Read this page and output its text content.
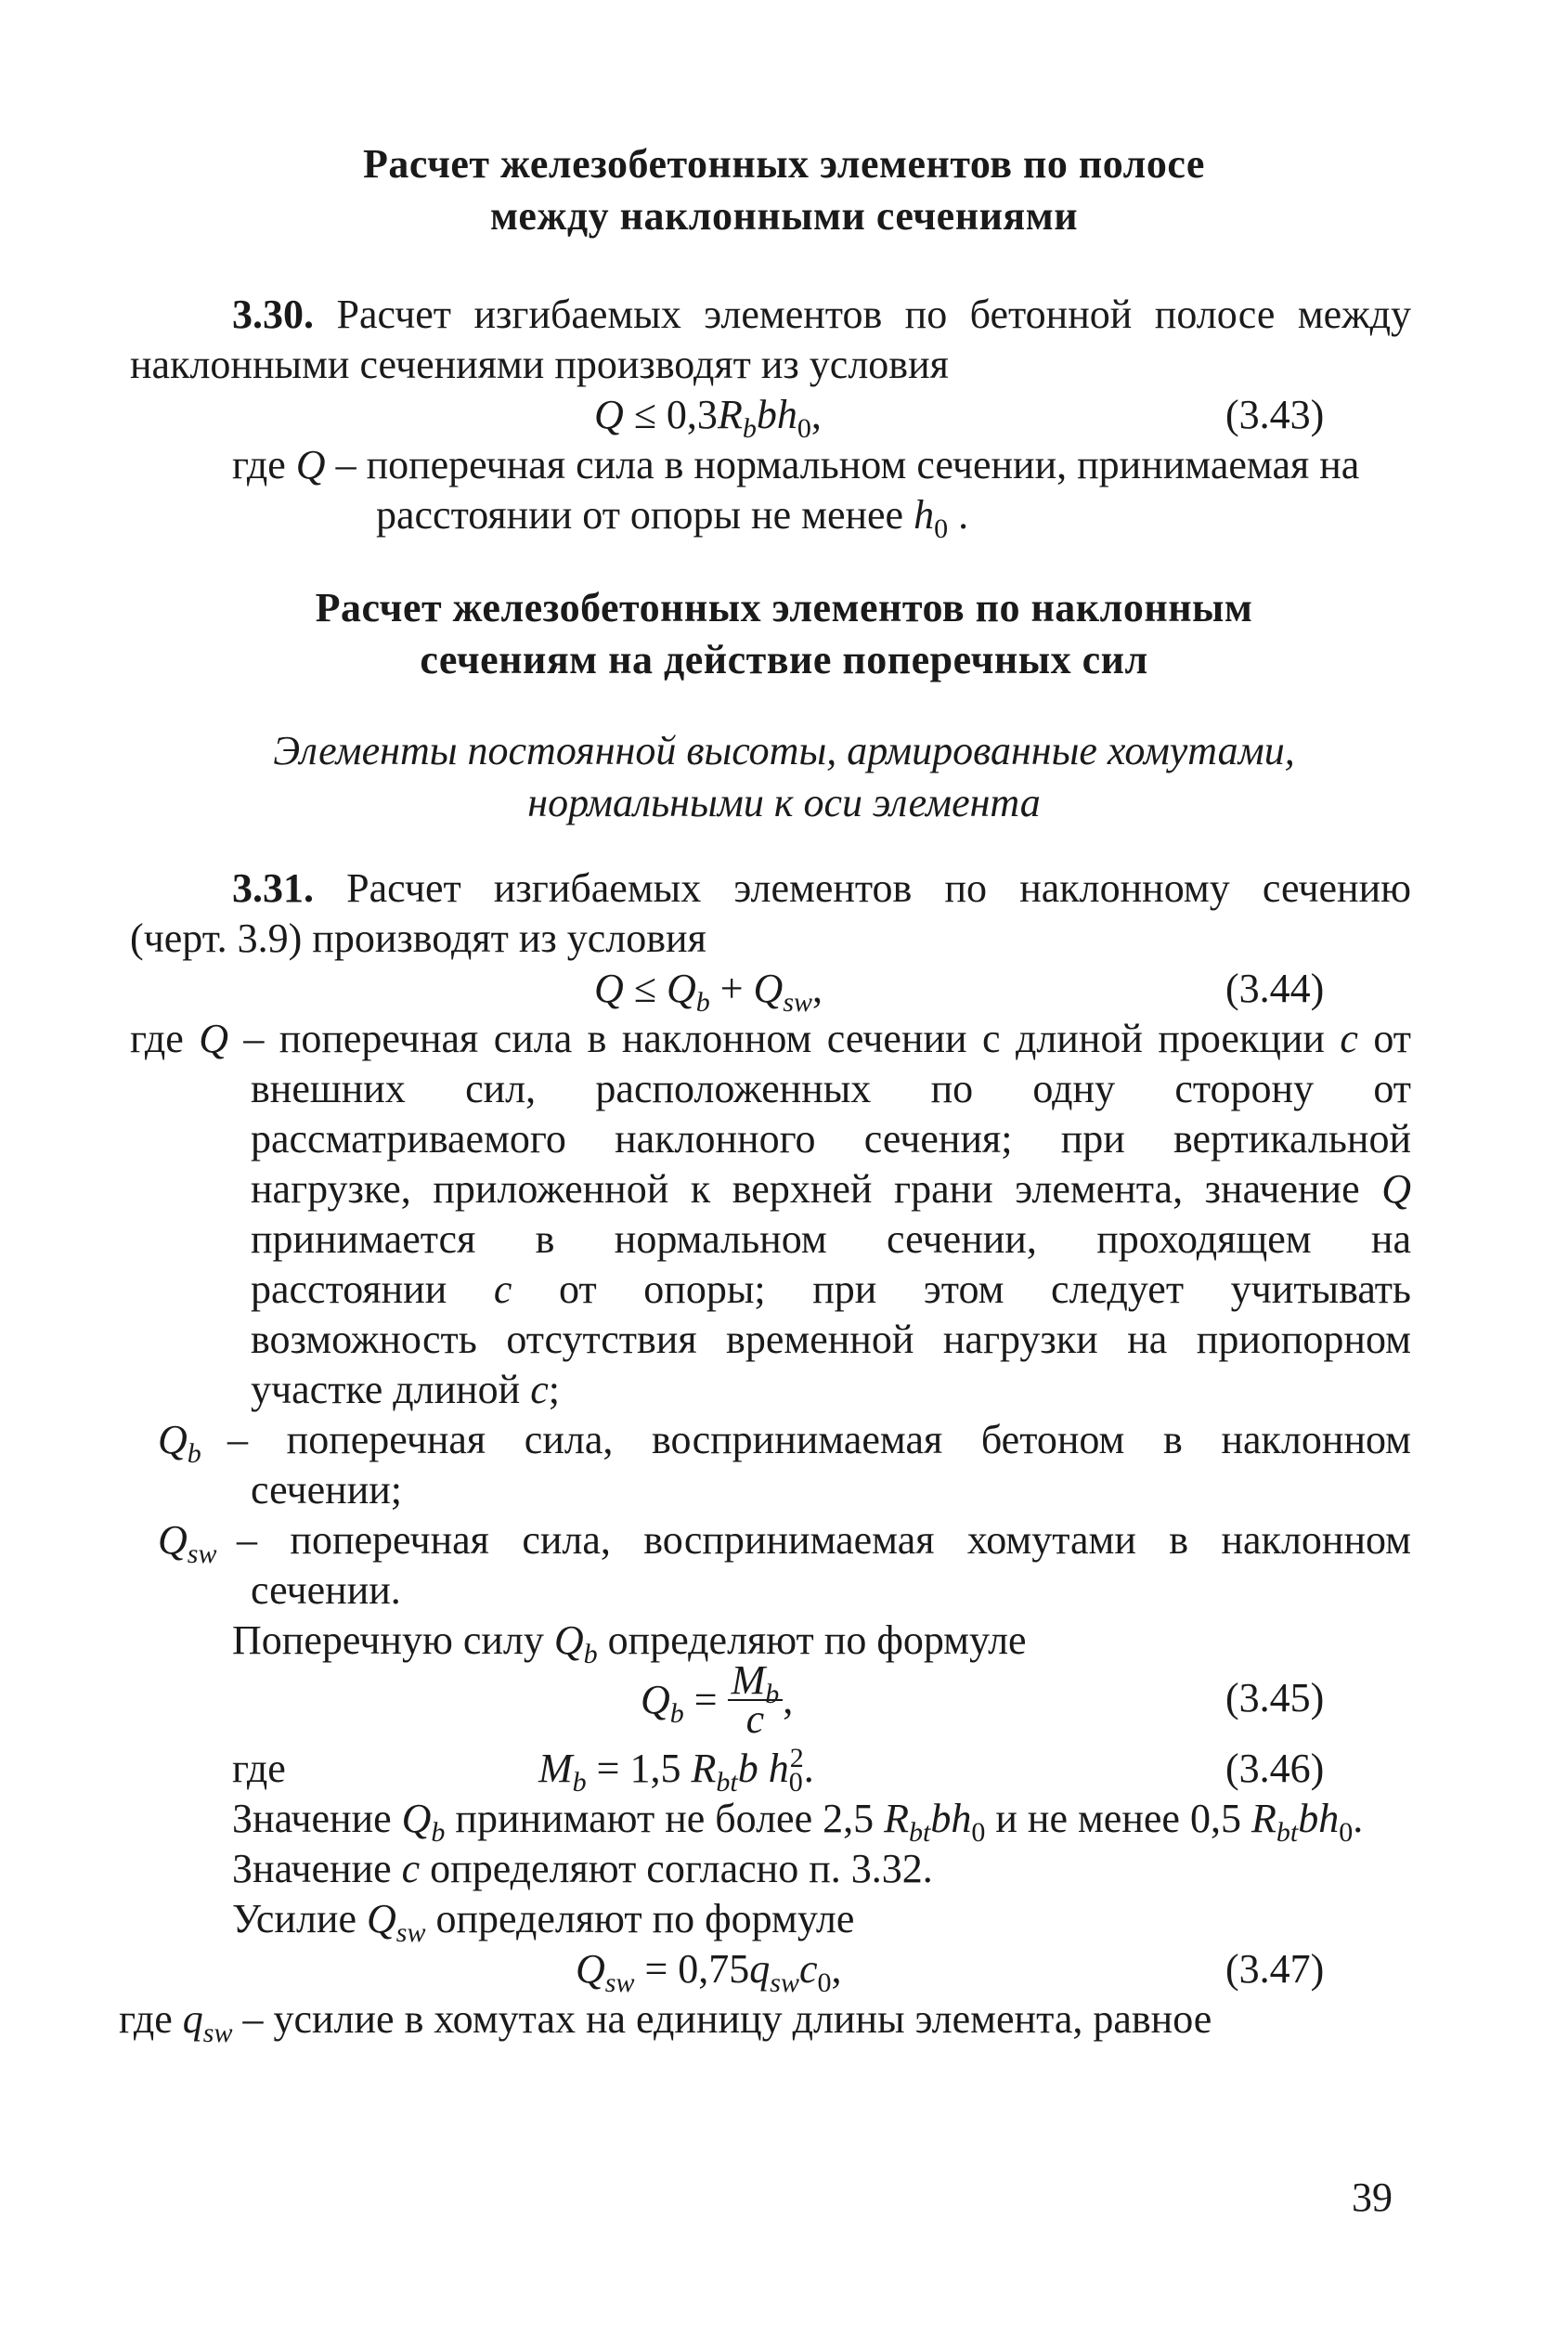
Расчет железобетонных элементов по полосе
между наклонными сечениями
3.30. Расчет изгибаемых элементов по бетонной полосе между
наклонными сечениями производят из условия
$Q \le 0,3R_bbh_0$,	(3.43)
где Q – поперечная сила в нормальном сечении, принимаемая на
расстоянии от опоры не менее $h_0$ .
Расчет железобетонных элементов по наклонным
сечениям на действие поперечных сил
Элементы постоянной высоты, армированные хомутами,
нормальными к оси элемента
3.31. Расчет изгибаемых элементов по наклонному сечению
(черт. 3.9) производят из условия
$Q \le Q_b + Q_{sw}$,	(3.44)
где Q – поперечная сила в наклонном сечении с длиной проекции c от
внешних сил, расположенных по одну сторону от
рассматриваемого наклонного сечения; при вертикальной
нагрузке, приложенной к верхней грани элемента, значение Q
принимается в нормальном сечении, проходящем на
расстоянии c от опоры; при этом следует учитывать
возможность отсутствия временной нагрузки на приопорном
участке длиной c;
$Q_b$ – поперечная сила, воспринимаемая бетоном в наклонном
сечении;
$Q_{sw}$ – поперечная сила, воспринимаемая хомутами в наклонном
сечении.
Поперечную силу $Q_b$ определяют по формуле
$Q_b = \frac{M_b}{c}$ ,	(3.45)
где	$M_b = 1,5$ $R_{bt}b$ $h_0^2$.	(3.46)
Значение $Q_b$ принимают не более 2,5 $R_{bt}bh_0$ и не менее 0,5 $R_{bt}bh_0$.
Значение c определяют согласно п. 3.32.
Усилие $Q_{sw}$ определяют по формуле
$Q_{sw} = 0,75q_{sw}c_0$,	(3.47)
где $q_{sw}$ – усилие в хомутах на единицу длины элемента, равное
39
